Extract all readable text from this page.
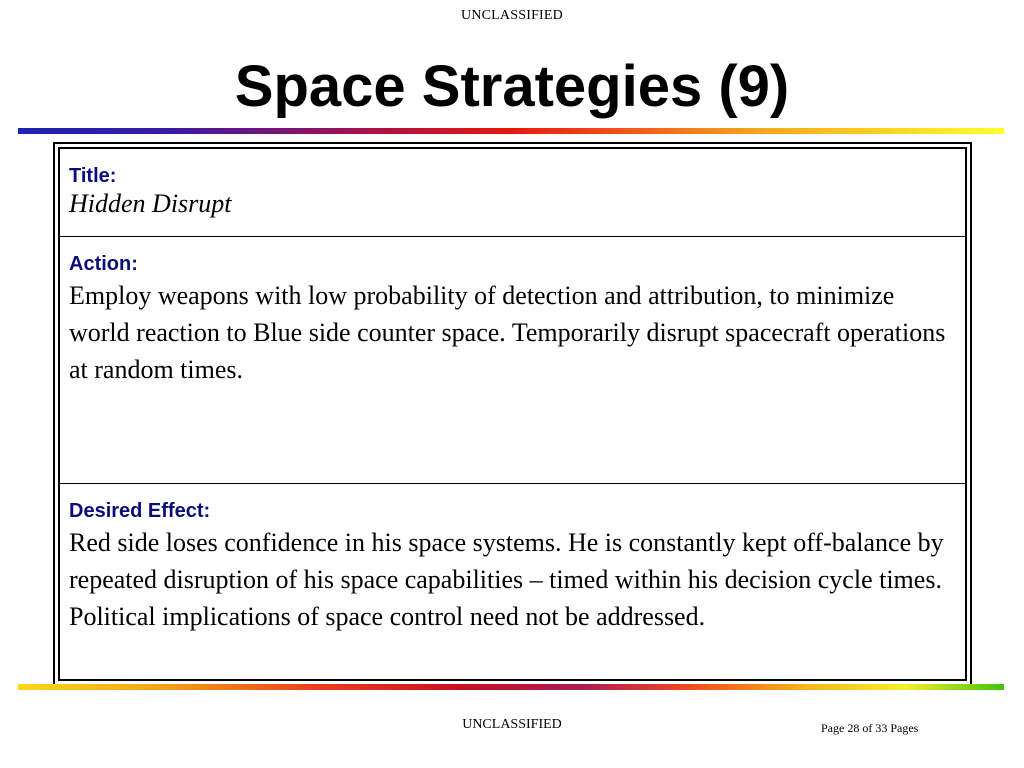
UNCLASSIFIED
Space Strategies (9)
Title:
Hidden Disrupt
Action:
Employ weapons with low probability of detection and attribution, to minimize world reaction to Blue side counter space. Temporarily disrupt spacecraft operations at random times.
Desired Effect:
Red side loses confidence in his space systems. He is constantly kept off-balance by repeated disruption of his space capabilities – timed within his decision cycle times. Political implications of space control need not be addressed.
UNCLASSIFIED	Page 28 of 33 Pages
